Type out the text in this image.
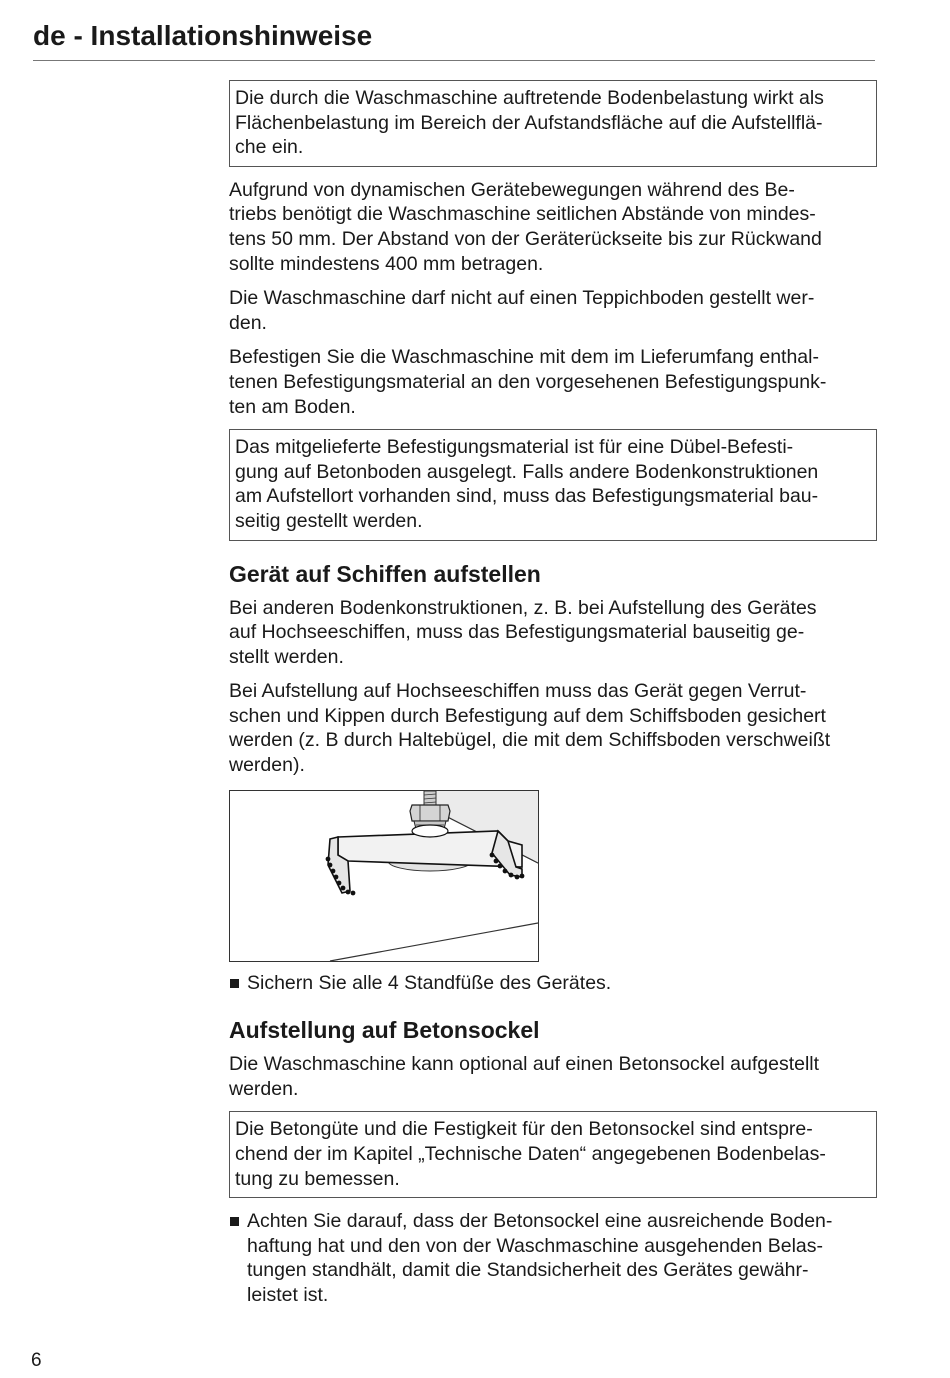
de - Installationshinweise
Die durch die Waschmaschine auftretende Bodenbelastung wirkt als
Flächenbelastung im Bereich der Aufstandsfläche auf die Aufstellflä-
che ein.
Aufgrund von dynamischen Gerätebewegungen während des Be-
triebs benötigt die Waschmaschine seitlichen Abstände von mindes-
tens 50 mm. Der Abstand von der Geräterückseite bis zur Rückwand
sollte mindestens 400 mm betragen.
Die Waschmaschine darf nicht auf einen Teppichboden gestellt wer-
den.
Befestigen Sie die Waschmaschine mit dem im Lieferumfang enthal-
tenen Befestigungsmaterial an den vorgesehenen Befestigungspunk-
ten am Boden.
Das mitgelieferte Befestigungsmaterial ist für eine Dübel-Befesti-
gung auf Betonboden ausgelegt. Falls andere Bodenkonstruktionen
am Aufstellort vorhanden sind, muss das Befestigungsmaterial bau-
seitig gestellt werden.
Gerät auf Schiffen aufstellen
Bei anderen Bodenkonstruktionen, z. B. bei Aufstellung des Gerätes
auf Hochseeschiffen, muss das Befestigungsmaterial bauseitig ge-
stellt werden.
Bei Aufstellung auf Hochseeschiffen muss das Gerät gegen Verrut-
schen und Kippen durch Befestigung auf dem Schiffsboden gesichert
werden (z. B durch Haltebügel, die mit dem Schiffsboden verschweißt
werden).
Sichern Sie alle 4 Standfüße des Gerätes.
Aufstellung auf Betonsockel
Die Waschmaschine kann optional auf einen Betonsockel aufgestellt
werden.
Die Betongüte und die Festigkeit für den Betonsockel sind entspre-
chend der im Kapitel „Technische Daten“ angegebenen Bodenbelas-
tung zu bemessen.
Achten Sie darauf, dass der Betonsockel eine ausreichende Boden-
haftung hat und den von der Waschmaschine ausgehenden Belas-
tungen standhält, damit die Standsicherheit des Gerätes gewähr-
leistet ist.
6
